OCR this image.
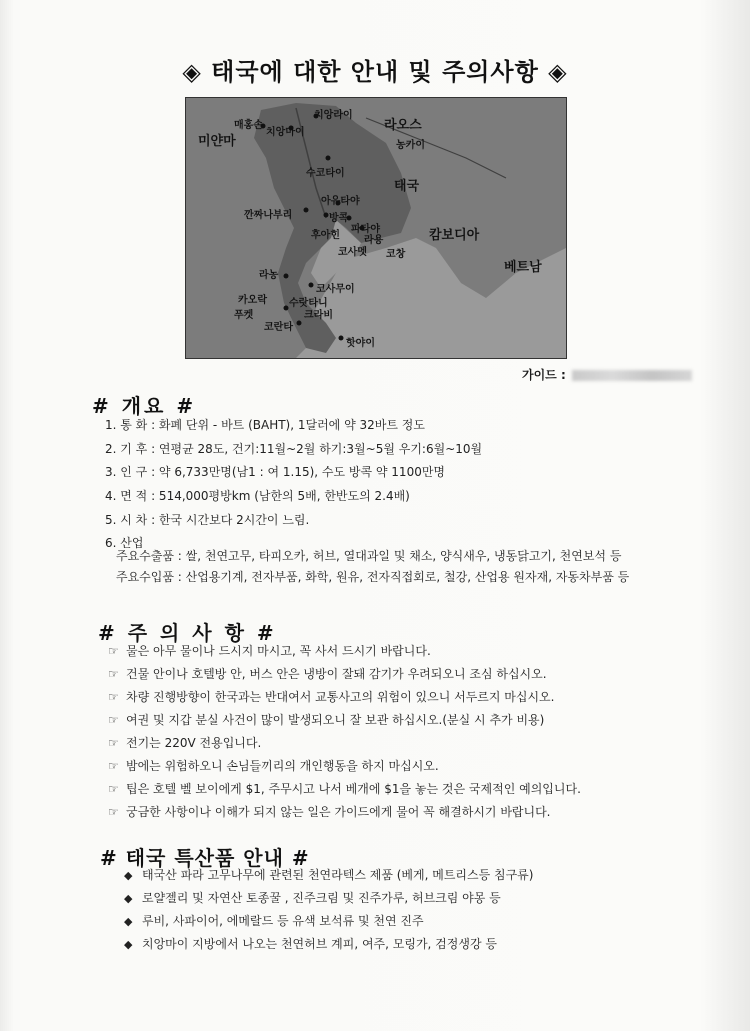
◈ 태국에 대한 안내 및 주의사항 ◈
미얀마
라오스
태국
캄보디아
베트남
매홍손
치앙라이
치앙마이
농카이
수코타이
아유타야
깐짜나부리	방콕
파타야
후아힌
코사멧
라용
코창
라농
코사무이
카오락 수랏타니
푸켓	크라비
코란타
핫야이
가이드 :
# 개요 #
1. 통 화 : 화폐 단위 - 바트 (BAHT), 1달러에 약 32바트 정도
2. 기 후 : 연평균 28도, 건기:11월~2월 하기:3월~5월 우기:6월~10월
3. 인 구 : 약 6,733만명(남1 : 여 1.15), 수도 방콕 약 1100만명
4. 면 적 : 514,000평방km (남한의 5배, 한반도의 2.4배)
5. 시 차 : 한국 시간보다 2시간이 느림.
6. 산업
주요수출품 : 쌀, 천연고무, 타피오카, 허브, 열대과일 및 채소, 양식새우, 냉동닭고기, 천연보석 등
주요수입품 : 산업용기계, 전자부품, 화학, 원유, 전자직접회로, 철강, 산업용 원자재, 자동차부품 등
# 주 의 사 항 #
☞ 물은 아무 물이나 드시지 마시고, 꼭 사서 드시기 바랍니다.
☞ 건물 안이나 호텔방 안, 버스 안은 냉방이 잘돼 감기가 우려되오니 조심 하십시오.
☞ 차량 진행방향이 한국과는 반대여서 교통사고의 위험이 있으니 서두르지 마십시오.
☞ 여권 및 지갑 분실 사건이 많이 발생되오니 잘 보관 하십시오.(분실 시 추가 비용)
☞ 전기는 220V 전용입니다.
☞ 밤에는 위험하오니 손님들끼리의 개인행동을 하지 마십시오.
☞ 팁은 호텔 벨 보이에게 $1, 주무시고 나서 베개에 $1을 놓는 것은 국제적인 예의입니다.
☞ 궁금한 사항이나 이해가 되지 않는 일은 가이드에게 물어 꼭 해결하시기 바랍니다.
# 태국 특산품 안내 #
◆ 태국산 파라 고무나무에 관련된 천연라텍스 제품 (베게, 메트리스등 침구류)
◆ 로얄젤리 및 자연산 토종꿀 , 진주크림 및 진주가루, 허브크림 야몽 등
◆ 루비, 사파이어, 에메랄드 등 유색 보석류 및 천연 진주
◆ 치앙마이 지방에서 나오는 천연허브 계피, 여주, 모링가, 검정생강 등
